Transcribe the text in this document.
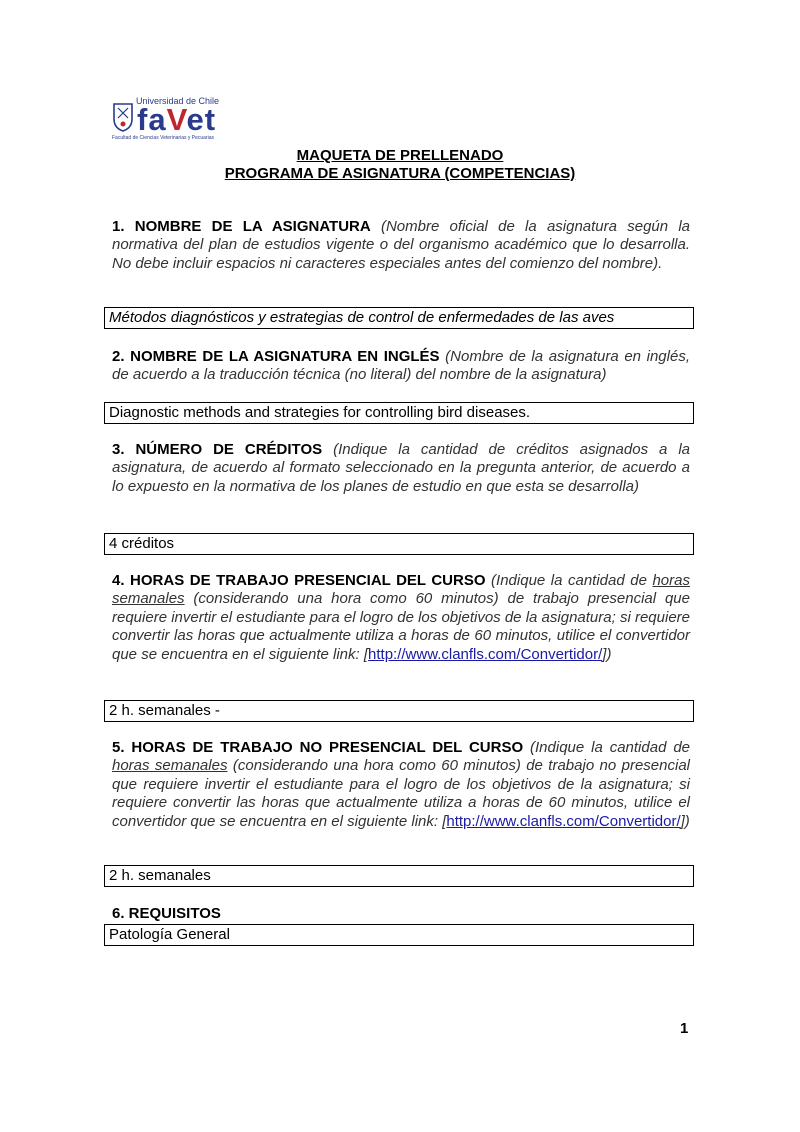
Universidad de Chile
faVet
Facultad de Ciencias Veterinarias y Pecuarias
MAQUETA DE PRELLENADO
PROGRAMA DE ASIGNATURA (COMPETENCIAS)
1. NOMBRE DE LA ASIGNATURA (Nombre oficial de la asignatura según la normativa del plan de estudios vigente o del organismo académico que lo desarrolla. No debe incluir espacios ni caracteres especiales antes del comienzo del nombre).
Métodos diagnósticos y estrategias de control de enfermedades de las aves
2. NOMBRE DE LA ASIGNATURA EN INGLÉS (Nombre de la asignatura en inglés, de acuerdo a la traducción técnica (no literal) del nombre de la asignatura)
Diagnostic methods and strategies for controlling bird diseases.
3. NÚMERO DE CRÉDITOS (Indique la cantidad de créditos asignados a la asignatura, de acuerdo al formato seleccionado en la pregunta anterior, de acuerdo a lo expuesto en la normativa de los planes de estudio en que esta se desarrolla)
4 créditos
4. HORAS DE TRABAJO PRESENCIAL DEL CURSO (Indique la cantidad de horas semanales (considerando una hora como 60 minutos) de trabajo presencial que requiere invertir el estudiante para el logro de los objetivos de la asignatura; si requiere convertir las horas que actualmente utiliza a horas de 60 minutos, utilice el convertidor que se encuentra en el siguiente link: [http://www.clanfls.com/Convertidor/])
2 h. semanales -
5. HORAS DE TRABAJO NO PRESENCIAL DEL CURSO (Indique la cantidad de horas semanales (considerando una hora como 60 minutos) de trabajo no presencial que requiere invertir el estudiante para el logro de los objetivos de la asignatura; si requiere convertir las horas que actualmente utiliza a horas de 60 minutos, utilice el convertidor que se encuentra en el siguiente link: [http://www.clanfls.com/Convertidor/])
2 h. semanales
6. REQUISITOS
Patología General
1
